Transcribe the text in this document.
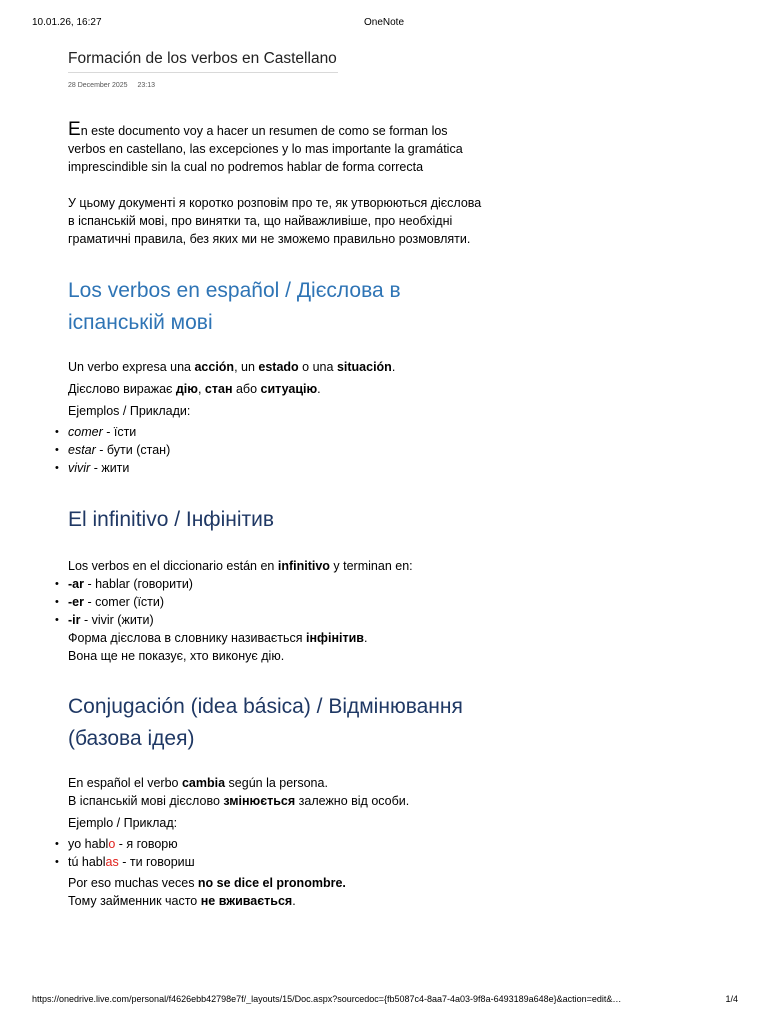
10.01.26, 16:27	OneNote
Formación de los verbos en Castellano
28 December 2025 23:13

En este documento voy a hacer un resumen de como se forman los verbos en castellano, las excepciones y lo mas importante la gramática imprescindible sin la cual no podremos hablar de forma correcta

У цьому документі я коротко розповім про те, як утворюються дієслова в іспанській мові, про винятки та, що найважливіше, про необхідні граматичні правила, без яких ми не зможемо правильно розмовляти.

Los verbos en español / Дієслова в іспанській мові

Un verbo expresa una acción, un estado o una situación.

Дієслово виражає дію, стан або ситуацію.

Ejemplos / Приклади:

• comer - їсти
• estar - бути (стан)
• vivir - жити
El infinitivo / Інфінітив

Los verbos en el diccionario están en infinitivo y terminan en:

• -ar - hablar (говорити)
• -er - comer (їсти)
• -ir - vivir (жити)

Форма дієслова в словнику називається інфінітив.

Вона ще не показує, хто виконує дію.

Conjugación (idea básica) / Відмінювання (базова ідея)

En español el verbo cambia según la persona.

В іспанській мові дієслово змінюється залежно від особи.

Ejemplo / Приклад:

• yo hablo - я говорю
• tú hablas - ти говориш

Por eso muchas veces no se dice el pronombre.

Тому займенник часто не вживається.

https://onedrive.live.com/personal/f4626ebb42798e7f/_layouts/15/Doc.aspx?sourcedoc={fb5087c4-8aa7-4a03-9f8a-6493189a648e}&action=edit&…	1/4
